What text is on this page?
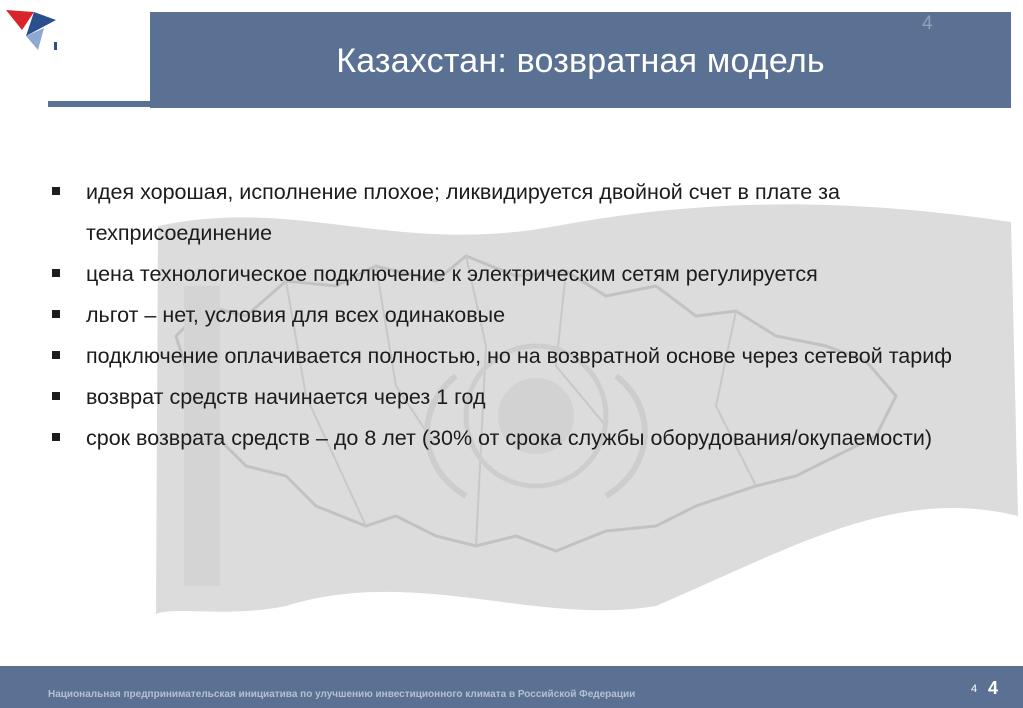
Казахстан: возвратная модель
4
идея хорошая, исполнение плохое; ликвидируется двойной счет в плате за техприсоединение
цена технологическое подключение к электрическим сетям регулируется
льгот – нет, условия для всех одинаковые
подключение оплачивается полностью, но на возвратной основе через сетевой тариф
возврат средств начинается через 1 год
срок возврата средств – до 8 лет (30% от срока службы оборудования/окупаемости)
Национальная предпринимательская инициатива по улучшению инвестиционного климата в Российской Федерации	4 4
